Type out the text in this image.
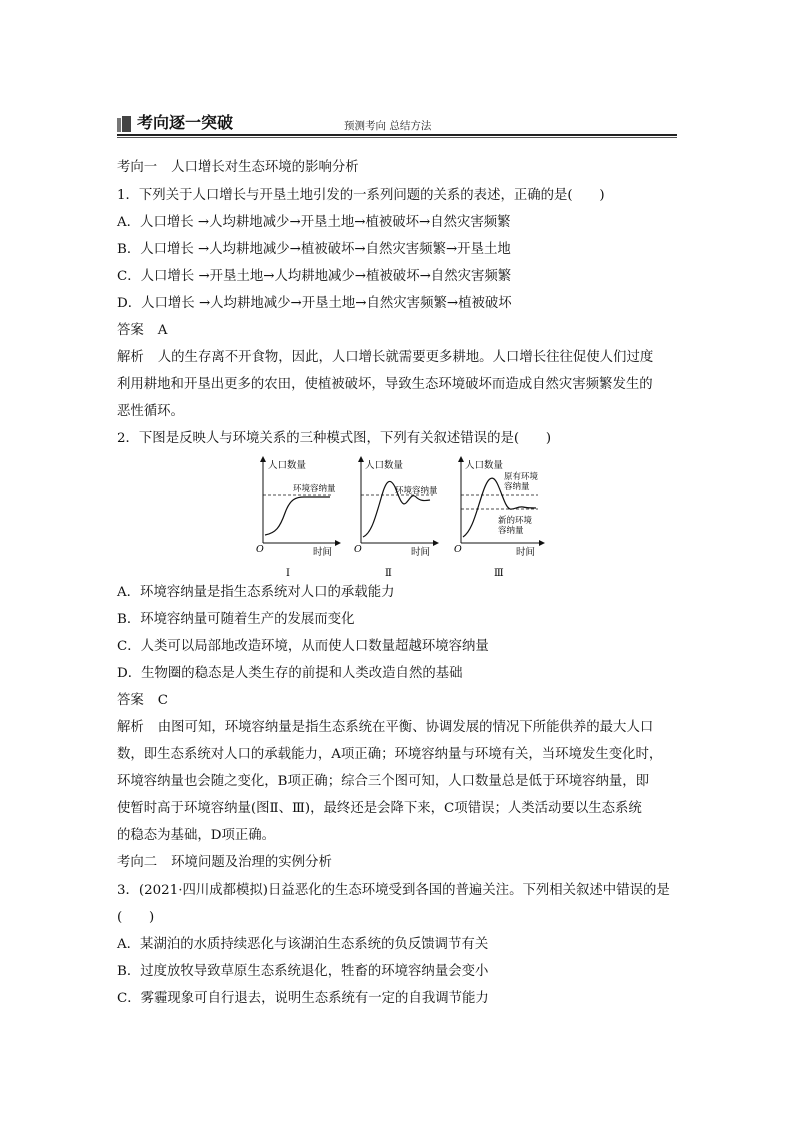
考向逐一突破	预测考向 总结方法
考向一 人口增长对生态环境的影响分析
1．下列关于人口增长与开垦土地引发的一系列问题的关系的表述，正确的是(　　)
A．人口增长 →人均耕地减少→开垦土地→植被破坏→自然灾害频繁
B．人口增长 →人均耕地减少→植被破坏→自然灾害频繁→开垦土地
C．人口增长 →开垦土地→人均耕地减少→植被破坏→自然灾害频繁
D．人口增长 →人均耕地减少→开垦土地→自然灾害频繁→植被破坏
答案 A
解析 人的生存离不开食物，因此，人口增长就需要更多耕地。人口增长往往促使人们过度
利用耕地和开垦出更多的农田，使植被破坏，导致生态环境破坏而造成自然灾害频繁发生的
恶性循环。
2．下图是反映人与环境关系的三种模式图，下列有关叙述错误的是(　　)
人口数量
时间
O
环境容纳量
Ⅰ
人口数量
时间
O
环境容纳量
Ⅱ
人口数量
时间
O
原有环境
容纳量
新的环境
容纳量
Ⅲ
A．环境容纳量是指生态系统对人口的承载能力
B．环境容纳量可随着生产的发展而变化
C．人类可以局部地改造环境，从而使人口数量超越环境容纳量
D．生物圈的稳态是人类生存的前提和人类改造自然的基础
答案 C
解析 由图可知，环境容纳量是指生态系统在平衡、协调发展的情况下所能供养的最大人口
数，即生态系统对人口的承载能力，A项正确；环境容纳量与环境有关，当环境发生变化时，
环境容纳量也会随之变化，B项正确；综合三个图可知，人口数量总是低于环境容纳量，即
使暂时高于环境容纳量(图Ⅱ、Ⅲ)，最终还是会降下来，C项错误；人类活动要以生态系统
的稳态为基础，D项正确。
考向二 环境问题及治理的实例分析
3．(2021·四川成都模拟)日益恶化的生态环境受到各国的普遍关注。下列相关叙述中错误的是
(　　)
A．某湖泊的水质持续恶化与该湖泊生态系统的负反馈调节有关
B．过度放牧导致草原生态系统退化，牲畜的环境容纳量会变小
C．雾霾现象可自行退去，说明生态系统有一定的自我调节能力
